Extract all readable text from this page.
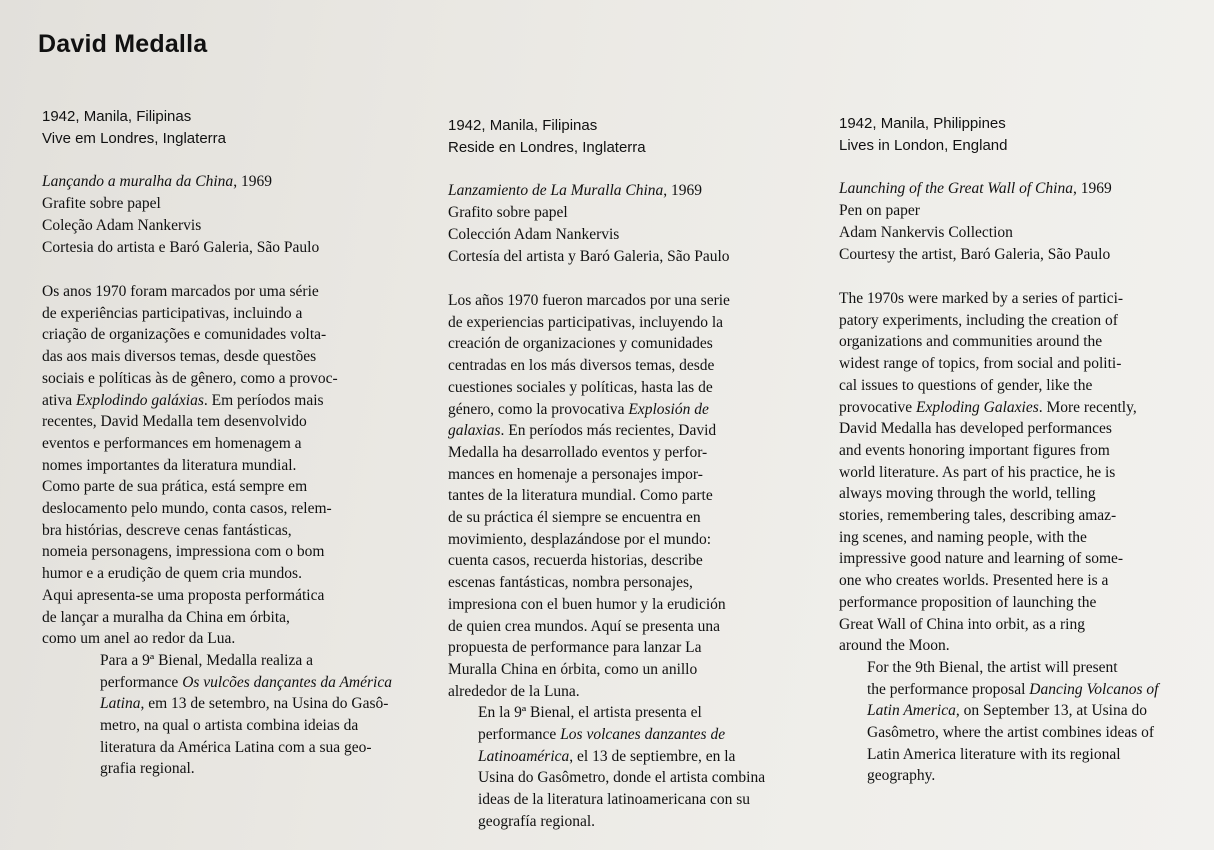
David Medalla
1942, Manila, Filipinas
Vive em Londres, Inglaterra
Lançando a muralha da China, 1969
Grafite sobre papel
Coleção Adam Nankervis
Cortesia do artista e Baró Galeria, São Paulo
Os anos 1970 foram marcados por uma série
de experiências participativas, incluindo a
criação de organizações e comunidades volta-
das aos mais diversos temas, desde questões
sociais e políticas às de gênero, como a provoc-
ativa Explodindo galáxias. Em períodos mais
recentes, David Medalla tem desenvolvido
eventos e performances em homenagem a
nomes importantes da literatura mundial.
Como parte de sua prática, está sempre em
deslocamento pelo mundo, conta casos, relem-
bra histórias, descreve cenas fantásticas,
nomeia personagens, impressiona com o bom
humor e a erudição de quem cria mundos.
Aqui apresenta-se uma proposta performática
de lançar a muralha da China em órbita,
como um anel ao redor da Lua.
Para a 9ª Bienal, Medalla realiza a
performance Os vulcões dançantes da América
Latina, em 13 de setembro, na Usina do Gasô-
metro, na qual o artista combina ideias da
literatura da América Latina com a sua geo-
grafia regional.
1942, Manila, Filipinas
Reside en Londres, Inglaterra
Lanzamiento de La Muralla China, 1969
Grafito sobre papel
Colección Adam Nankervis
Cortesía del artista y Baró Galeria, São Paulo
Los años 1970 fueron marcados por una serie
de experiencias participativas, incluyendo la
creación de organizaciones y comunidades
centradas en los más diversos temas, desde
cuestiones sociales y políticas, hasta las de
género, como la provocativa Explosión de
galaxias. En períodos más recientes, David
Medalla ha desarrollado eventos y perfor-
mances en homenaje a personajes impor-
tantes de la literatura mundial. Como parte
de su práctica él siempre se encuentra en
movimiento, desplazándose por el mundo:
cuenta casos, recuerda historias, describe
escenas fantásticas, nombra personajes,
impresiona con el buen humor y la erudición
de quien crea mundos. Aquí se presenta una
propuesta de performance para lanzar La
Muralla China en órbita, como un anillo
alrededor de la Luna.
En la 9ª Bienal, el artista presenta el
performance Los volcanes danzantes de
Latinoamérica, el 13 de septiembre, en la
Usina do Gasômetro, donde el artista combina
ideas de la literatura latinoamericana con su
geografía regional.
1942, Manila, Philippines
Lives in London, England
Launching of the Great Wall of China, 1969
Pen on paper
Adam Nankervis Collection
Courtesy the artist, Baró Galeria, São Paulo
The 1970s were marked by a series of partici-
patory experiments, including the creation of
organizations and communities around the
widest range of topics, from social and politi-
cal issues to questions of gender, like the
provocative Exploding Galaxies. More recently,
David Medalla has developed performances
and events honoring important figures from
world literature. As part of his practice, he is
always moving through the world, telling
stories, remembering tales, describing amaz-
ing scenes, and naming people, with the
impressive good nature and learning of some-
one who creates worlds. Presented here is a
performance proposition of launching the
Great Wall of China into orbit, as a ring
around the Moon.
For the 9th Bienal, the artist will present
the performance proposal Dancing Volcanos of
Latin America, on September 13, at Usina do
Gasômetro, where the artist combines ideas of
Latin America literature with its regional
geography.
